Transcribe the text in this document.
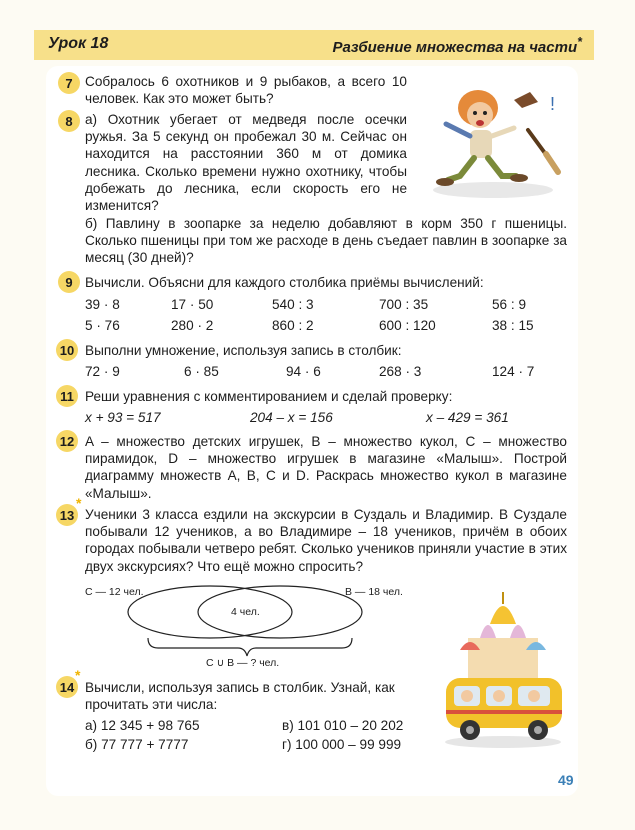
Урок 18	Разбиение множества на части*
7 Собралось 6 охотников и 9 рыбаков, а всего 10 человек. Как это может быть?
8 а) Охотник убегает от медведя после осечки ружья. За 5 секунд он пробежал 30 м. Сейчас он находится на расстоянии 360 м от домика лесника. Сколько времени нужно охотнику, чтобы добежать до лесника, если скорость его не изменится?
б) Павлину в зоопарке за неделю добавляют в корм 350 г пшеницы. Сколько пшеницы при том же расходе в день съедает павлин в зоопарке за месяц (30 дней)?
!
9 Вычисли. Объясни для каждого столбика приёмы вычислений:
39 · 8	17 · 50	540 : 3	700 : 35	56 : 9
5 · 76	280 · 2	860 : 2	600 : 120	38 : 15
10 Выполни умножение, используя запись в столбик:
72 · 9	6 · 85	94 · 6	268 · 3	124 · 7
11 Реши уравнения с комментированием и сделай проверку:
x + 93 = 517	204 – x = 156	x – 429 = 361
12 A – множество детских игрушек, B – множество кукол, C – множество пирамидок, D – множество игрушек в магазине «Малыш». Построй диаграмму множеств A, B, C и D. Раскрась множество кукол в магазине «Малыш».
13
*
Ученики 3 класса ездили на экскурсии в Суздаль и Владимир. В Суздале побывали 12 учеников, а во Владимире – 18 учеников, причём в обоих городах побывали четверо ребят. Сколько учеников приняли участие в этих двух экскурсиях? Что ещё можно спросить?
C — 12 чел.	B — 18 чел.
4 чел.
C ∪ B — ? чел.
14
*
Вычисли, используя запись в столбик. Узнай, как прочитать эти числа:
а) 12 345 + 98 765
б) 77 777 + 7777
в) 101 010 – 20 202
г) 100 000 – 99 999
49
